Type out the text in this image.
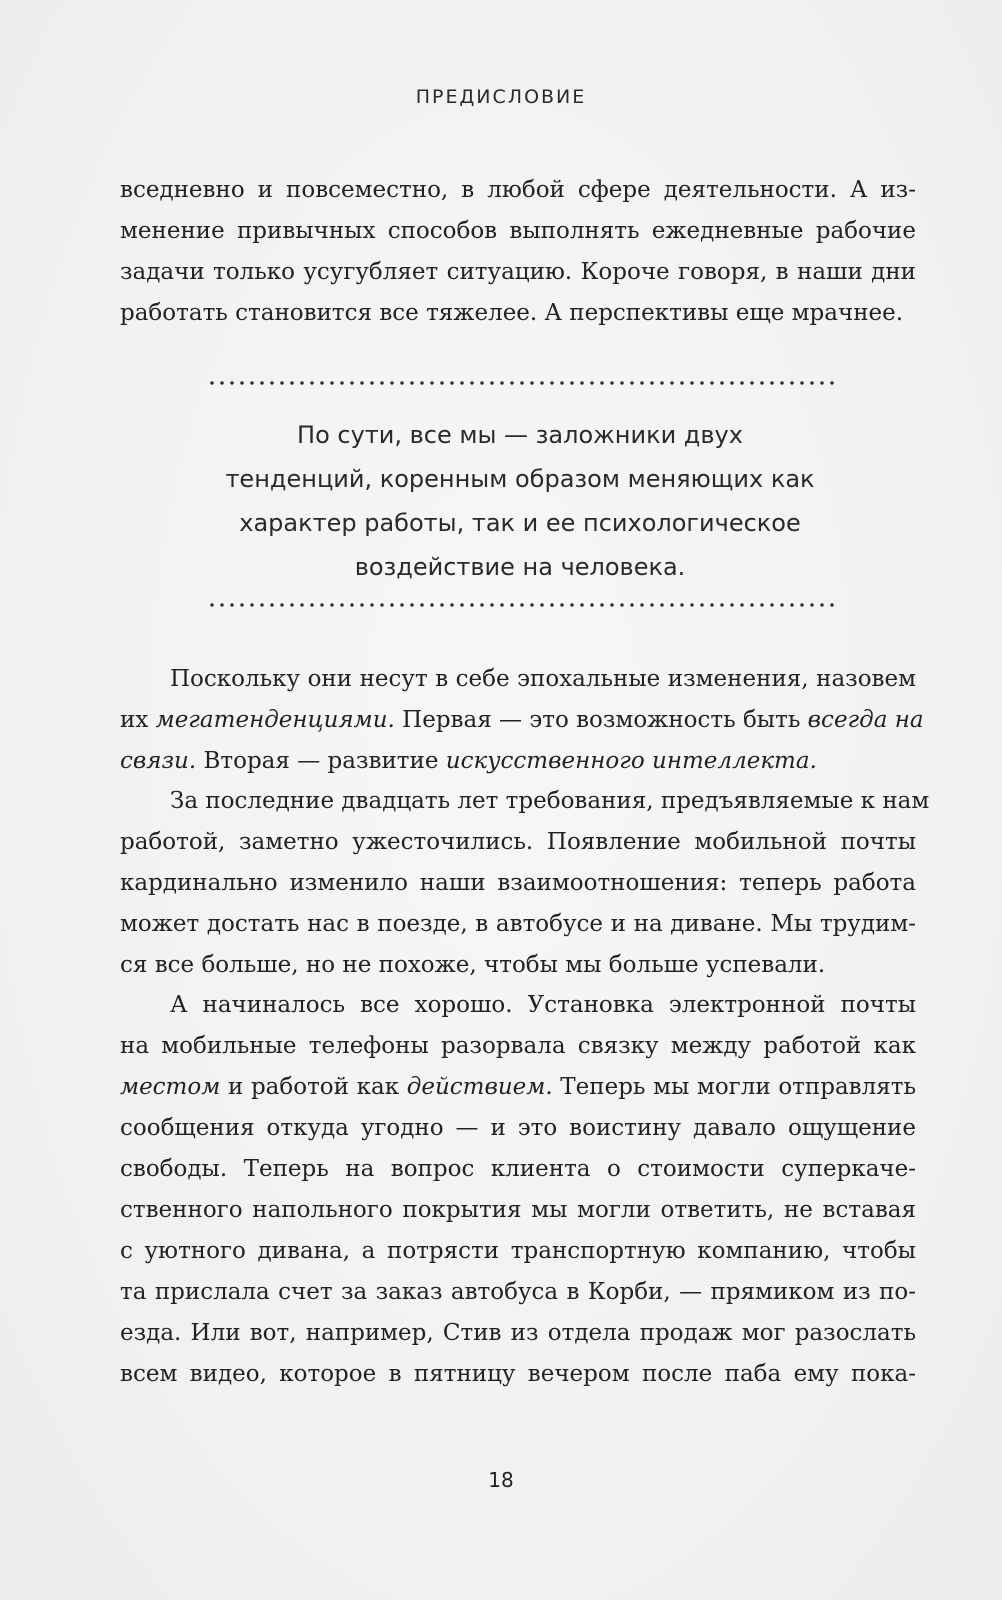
ПРЕДИСЛОВИЕ
вседневно и повсеместно, в любой сфере деятельности. А из-
менение привычных способов выполнять ежедневные рабочие
задачи только усугубляет ситуацию. Короче говоря, в наши дни
работать становится все тяжелее. А перспективы еще мрачнее.
По сути, все мы — заложники двух
тенденций, коренным образом меняющих как
характер работы, так и ее психологическое
воздействие на человека.
Поскольку они несут в себе эпохальные изменения, назовем
их мегатенденциями. Первая — это возможность быть всегда на
связи. Вторая — развитие искусственного интеллекта.
За последние двадцать лет требования, предъявляемые к нам
работой, заметно ужесточились. Появление мобильной почты
кардинально изменило наши взаимоотношения: теперь работа
может достать нас в поезде, в автобусе и на диване. Мы трудим-
ся все больше, но не похоже, чтобы мы больше успевали.
А начиналось все хорошо. Установка электронной почты
на мобильные телефоны разорвала связку между работой как
местом и работой как действием. Теперь мы могли отправлять
сообщения откуда угодно — и это воистину давало ощущение
свободы. Теперь на вопрос клиента о стоимости суперкаче-
ственного напольного покрытия мы могли ответить, не вставая
с уютного дивана, а потрясти транспортную компанию, чтобы
та прислала счет за заказ автобуса в Корби, — прямиком из по-
езда. Или вот, например, Стив из отдела продаж мог разослать
всем видео, которое в пятницу вечером после паба ему пока-
18
